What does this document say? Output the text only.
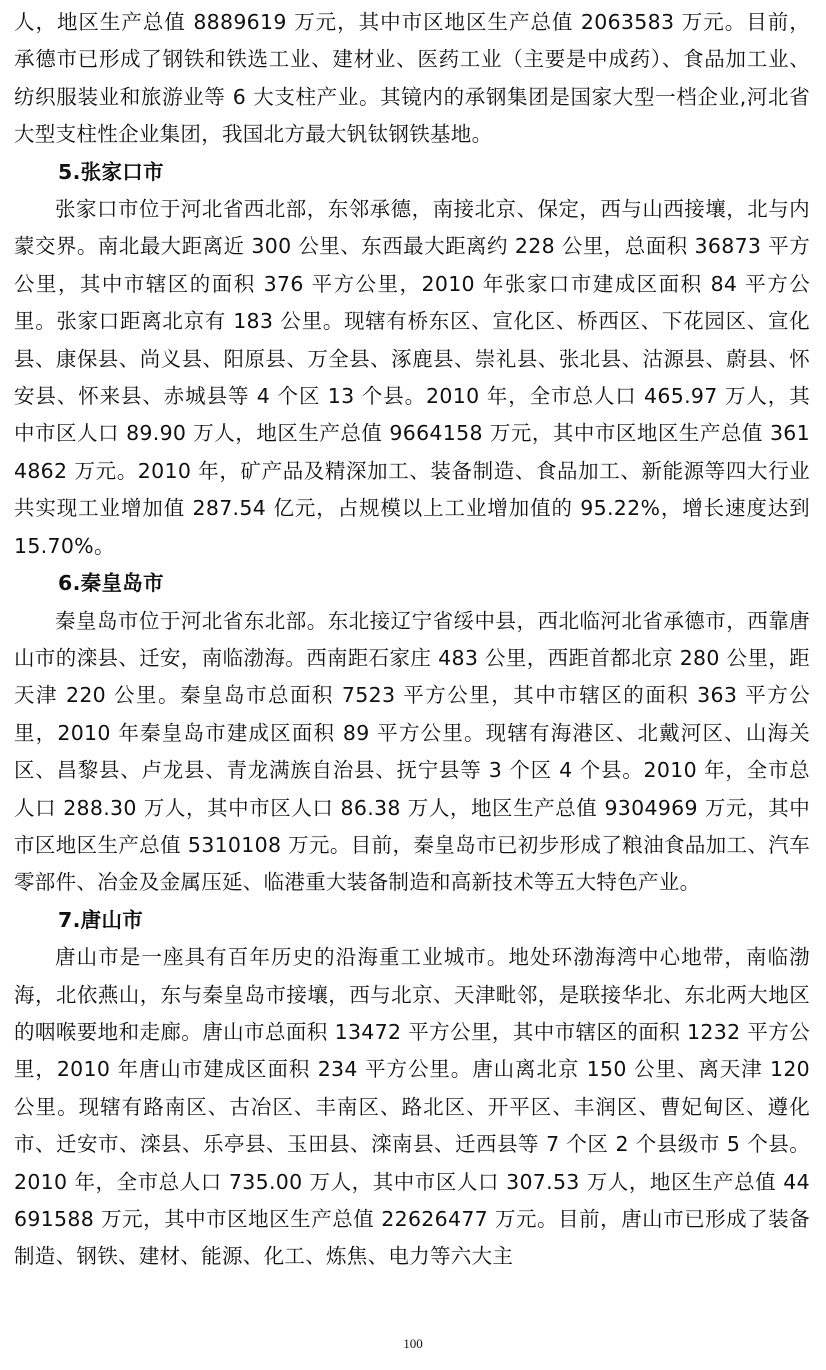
人，地区生产总值 8889619 万元，其中市区地区生产总值 2063583 万元。目前，承德市已形成了钢铁和铁选工业、建材业、医药工业（主要是中成药）、食品加工业、纺织服装业和旅游业等 6 大支柱产业。其镜内的承钢集团是国家大型一档企业,河北省大型支柱性企业集团，我国北方最大钒钛钢铁基地。

5.张家口市

张家口市位于河北省西北部，东邻承德，南接北京、保定，西与山西接壤，北与内蒙交界。南北最大距离近 300 公里、东西最大距离约 228 公里，总面积 36873 平方公里，其中市辖区的面积 376 平方公里，2010 年张家口市建成区面积 84 平方公里。张家口距离北京有 183 公里。现辖有桥东区、宣化区、桥西区、下花园区、宣化县、康保县、尚义县、阳原县、万全县、涿鹿县、崇礼县、张北县、沽源县、蔚县、怀安县、怀来县、赤城县等 4 个区 13 个县。2010 年，全市总人口 465.97 万人，其中市区人口 89.90 万人，地区生产总值 9664158 万元，其中市区地区生产总值 3614862 万元。2010 年，矿产品及精深加工、装备制造、食品加工、新能源等四大行业共实现工业增加值 287.54 亿元，占规模以上工业增加值的 95.22%，增长速度达到 15.70%。

6.秦皇岛市

秦皇岛市位于河北省东北部。东北接辽宁省绥中县，西北临河北省承德市，西靠唐山市的滦县、迁安，南临渤海。西南距石家庄 483 公里，西距首都北京 280 公里，距天津 220 公里。秦皇岛市总面积 7523 平方公里，其中市辖区的面积 363 平方公里，2010 年秦皇岛市建成区面积 89 平方公里。现辖有海港区、北戴河区、山海关区、昌黎县、卢龙县、青龙满族自治县、抚宁县等 3 个区 4 个县。2010 年，全市总人口 288.30 万人，其中市区人口 86.38 万人，地区生产总值 9304969 万元，其中市区地区生产总值 5310108 万元。目前，秦皇岛市已初步形成了粮油食品加工、汽车零部件、冶金及金属压延、临港重大装备制造和高新技术等五大特色产业。

7.唐山市

唐山市是一座具有百年历史的沿海重工业城市。地处环渤海湾中心地带，南临渤海，北依燕山，东与秦皇岛市接壤，西与北京、天津毗邻，是联接华北、东北两大地区的咽喉要地和走廊。唐山市总面积 13472 平方公里，其中市辖区的面积 1232 平方公里，2010 年唐山市建成区面积 234 平方公里。唐山离北京 150 公里、离天津 120 公里。现辖有路南区、古冶区、丰南区、路北区、开平区、丰润区、曹妃甸区、遵化市、迁安市、滦县、乐亭县、玉田县、滦南县、迁西县等 7 个区 2 个县级市 5 个县。2010 年，全市总人口 735.00 万人，其中市区人口 307.53 万人，地区生产总值 44691588 万元，其中市区地区生产总值 22626477 万元。目前，唐山市已形成了装备制造、钢铁、建材、能源、化工、炼焦、电力等六大主

100
